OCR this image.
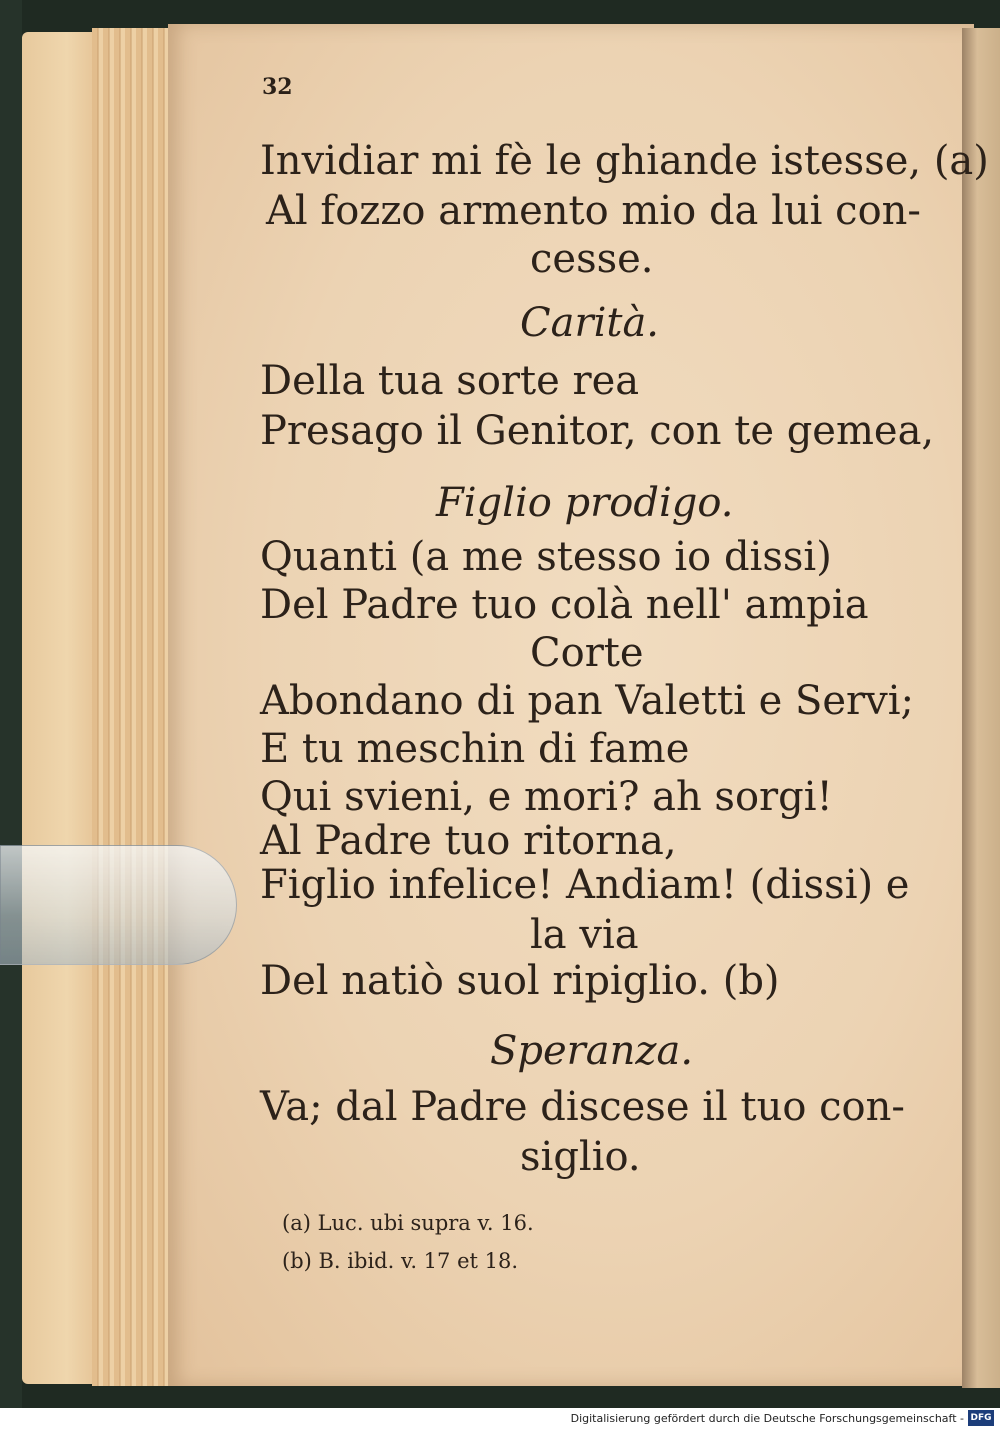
32
Invidiar mi fè le ghiande istesse, (a)
Al fozzo armento mio da lui con-
cesse.
Carità.
Della tua sorte rea
Presago il Genitor, con te gemea,
Figlio prodigo.
Quanti (a me stesso io dissi)
Del Padre tuo colà nell' ampia
Corte
Abondano di pan Valetti e Servi;
E tu meschin di fame
Qui svieni, e mori? ah sorgi!
Al Padre tuo ritorna,
Figlio infelice! Andiam! (dissi) e
la via
Del natiò suol ripiglio. (b)
Speranza.
Va; dal Padre discese il tuo con-
siglio.
(a) Luc. ubi supra v. 16.
(b) B. ibid. v. 17 et 18.
Digitalisierung gefördert durch die Deutsche Forschungsgemeinschaft - DFG
